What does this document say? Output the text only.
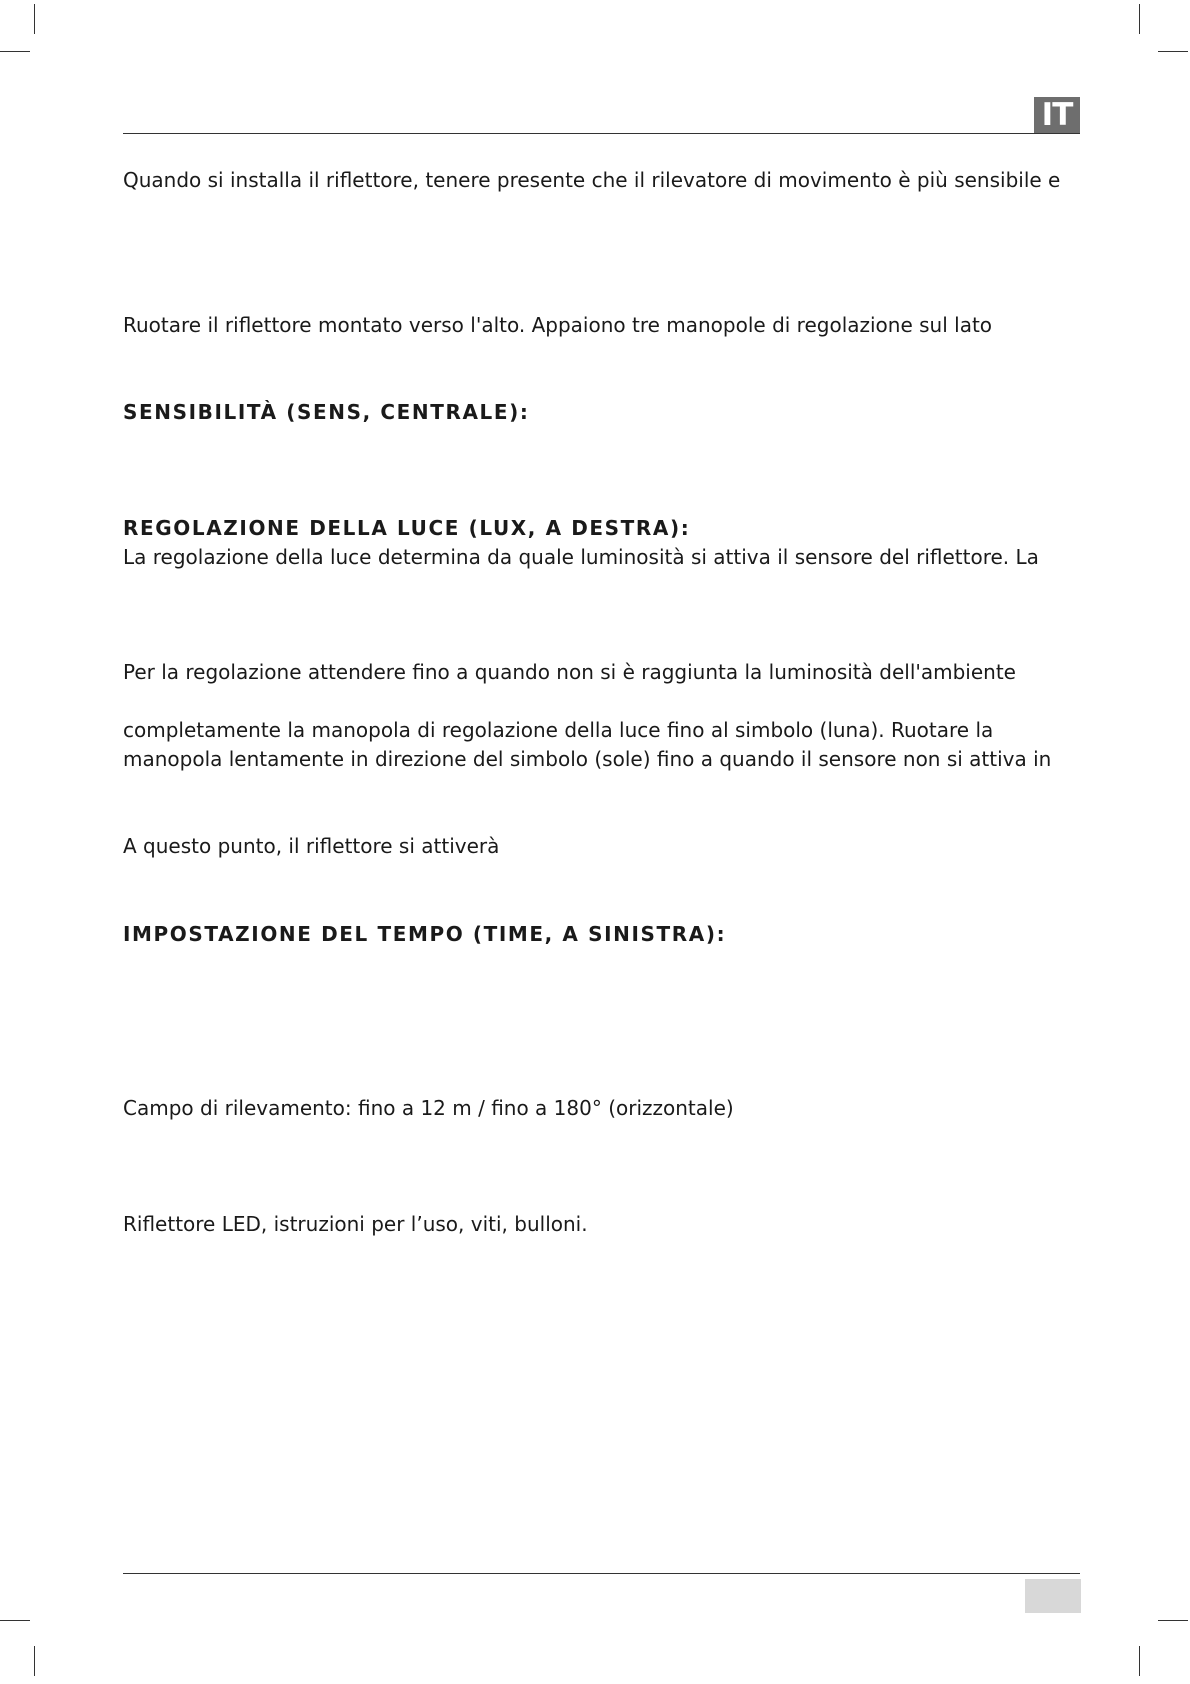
IT
Quando si installa il riflettore, tenere presente che il rilevatore di movimento è più sensibile e
Ruotare il riflettore montato verso l'alto. Appaiono tre manopole di regolazione sul lato
SENSIBILITÀ (SENS, CENTRALE):
REGOLAZIONE DELLA LUCE (LUX, A DESTRA):
La regolazione della luce determina da quale luminosità si attiva il sensore del riflettore. La
Per la regolazione attendere fino a quando non si è raggiunta la luminosità dell'ambiente
completamente la manopola di regolazione della luce fino al simbolo (luna). Ruotare la
manopola lentamente in direzione del simbolo (sole) fino a quando il sensore non si attiva in
A questo punto, il riflettore si attiverà
IMPOSTAZIONE DEL TEMPO (TIME, A SINISTRA):
Campo di rilevamento: fino a 12 m / fino a 180° (orizzontale)
Riflettore LED, istruzioni per l’uso, viti, bulloni.
